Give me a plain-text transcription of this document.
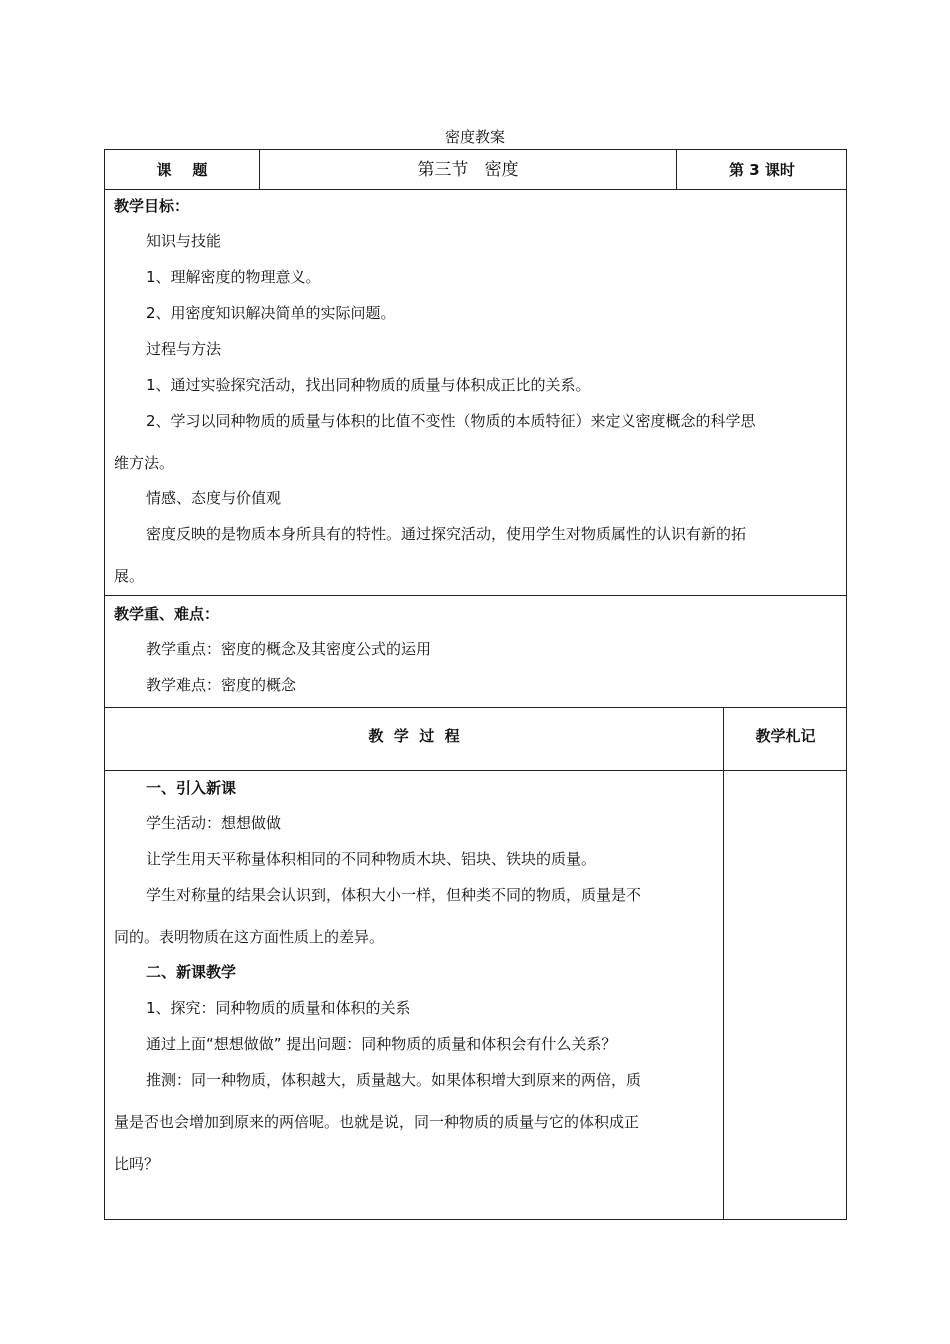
密度教案
课    题	第三节   密度	第 3 课时
教学目标：
知识与技能
1、理解密度的物理意义。
2、用密度知识解决简单的实际问题。
过程与方法
1、通过实验探究活动，找出同种物质的质量与体积成正比的关系。
2、学习以同种物质的质量与体积的比值不变性（物质的本质特征）来定义密度概念的科学思
维方法。
情感、态度与价值观
密度反映的是物质本身所具有的特性。通过探究活动，使用学生对物质属性的认识有新的拓
展。
教学重、难点：
教学重点：密度的概念及其密度公式的运用
教学难点：密度的概念
教  学  过  程	教学札记
一、引入新课
学生活动：想想做做
让学生用天平称量体积相同的不同种物质木块、铝块、铁块的质量。
学生对称量的结果会认识到，体积大小一样，但种类不同的物质，质量是不
同的。表明物质在这方面性质上的差异。
二、新课教学
1、探究：同种物质的质量和体积的关系
通过上面“想想做做” 提出问题：同种物质的质量和体积会有什么关系？
推测：同一种物质，体积越大，质量越大。如果体积增大到原来的两倍，质
量是否也会增加到原来的两倍呢。也就是说，同一种物质的质量与它的体积成正
比吗？
